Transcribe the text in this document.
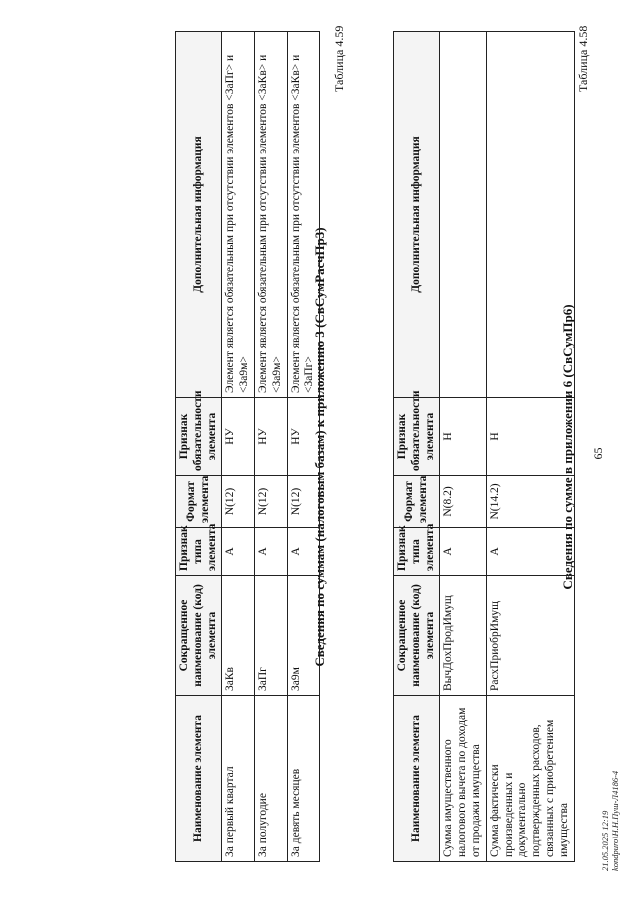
65
Таблица 4.58
Сведения по сумме в приложении 6 (СвСумПр6)
Наименование элемента	Сокращенное наименование (код) элемента	Признак типа элемента	Формат элемента	Признак обязательности элемента	Дополнительная информация
Сумма имущественного налогового вычета по доходам от продажи имущества	ВычДохПродИмущ	А	N(8.2)	Н	
Сумма фактически произведенных и документально подтвержденных расходов, связанных с приобретением имущества	РасхПриобрИмущ	А	N(14.2)	Н	
Таблица 4.59
Сведения по суммам (налоговым базам) к приложению 3 (СвСумРасчПр3)
Наименование элемента	Сокращенное наименование (код) элемента	Признак типа элемента	Формат элемента	Признак обязательности элемента	Дополнительная информация
За первый квартал	ЗаКв	А	N(12)	НУ	Элемент является обязательным при отсутствии элементов <ЗаПг> и <За9м>
За полугодие	ЗаПг	А	N(12)	НУ	Элемент является обязательным при отсутствии элементов <ЗаКв> и <За9м>
За девять месяцев	За9м	А	N(12)	НУ	Элемент является обязательным при отсутствии элементов <ЗаКв> и <ЗаПг>
21.05.2025 12:19 kondpuro\Н.Н.Пуш-Л4186-4
